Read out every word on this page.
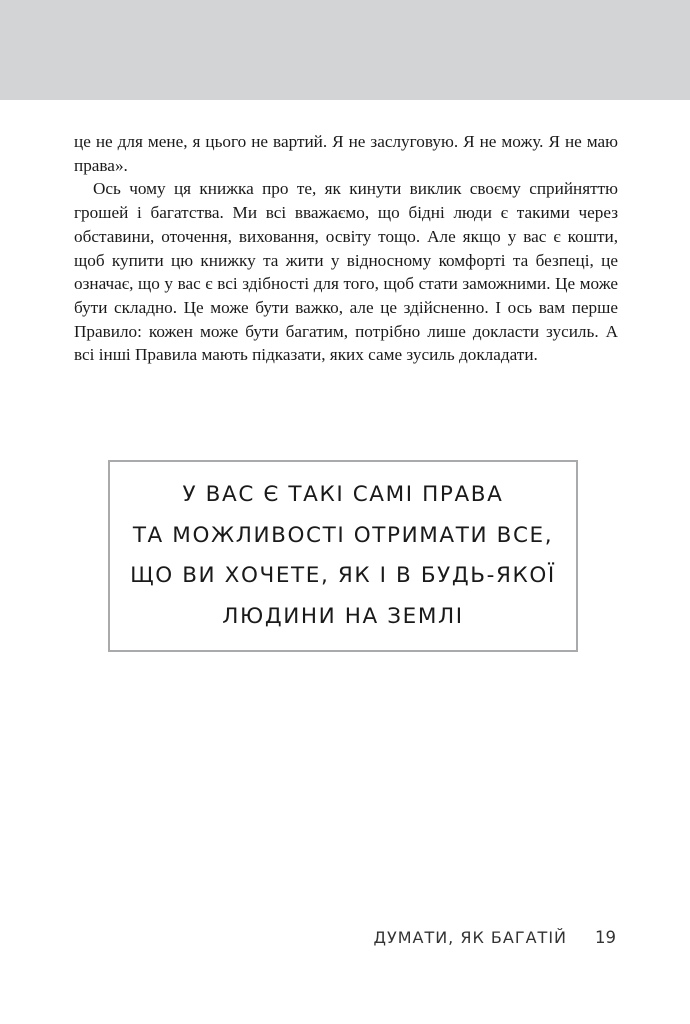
це не для мене, я цього не вартий. Я не заслуговую. Я не можу. Я не маю права».

Ось чому ця книжка про те, як кинути виклик своєму сприйняттю грошей і багатства. Ми всі вважаємо, що бідні люди є такими через обставини, оточення, виховання, освіту тощо. Але якщо у вас є кошти, щоб купити цю книжку та жити у відносному комфорті та безпеці, це означає, що у вас є всі здібності для того, щоб стати заможними. Це може бути складно. Це може бути важко, але це здійсненно. І ось вам перше Правило: кожен може бути багатим, потрібно лише докласти зусиль. А всі інші Правила мають підказати, яких саме зусиль докладати.

У ВАС Є ТАКІ САМІ ПРАВА
ТА МОЖЛИВОСТІ ОТРИМАТИ ВСЕ,
ЩО ВИ ХОЧЕТЕ, ЯК І В БУДЬ-ЯКОЇ
ЛЮДИНИ НА ЗЕМЛІ
ДУМАТИ, ЯК БАГАТІЙ 19
